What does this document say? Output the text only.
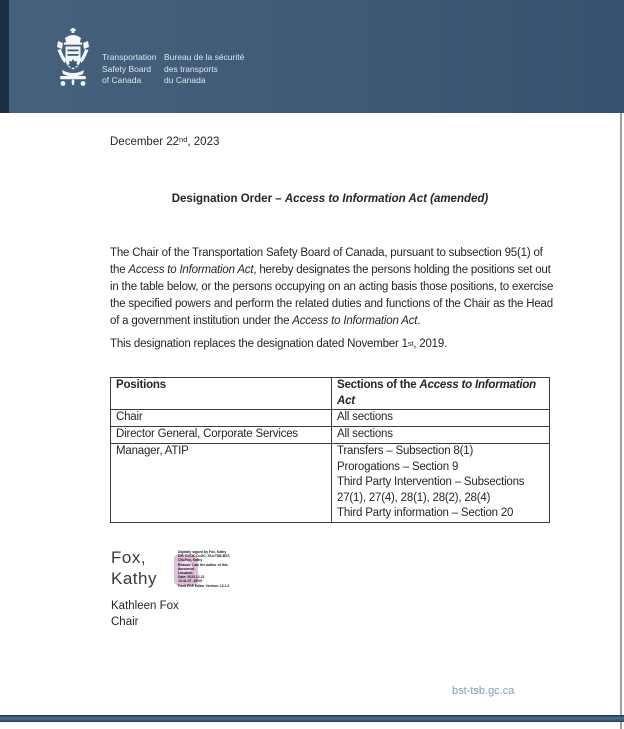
Transportation
Safety Board
of Canada
Bureau de la sécurité
des transports
du Canada

December 22nd, 2023

Designation Order – Access to Information Act (amended)

The Chair of the Transportation Safety Board of Canada, pursuant to subsection 95(1) of the Access to Information Act, hereby designates the persons holding the positions set out in the table below, or the persons occupying on an acting basis those positions, to exercise the specified powers and perform the related duties and functions of the Chair as the Head of a government institution under the Access to Information Act.

This designation replaces the designation dated November 1st, 2019.

Positions	Sections of the Access to Information Act
Chair	All sections
Director General, Corporate Services	All sections
Manager, ATIP	Transfers – Subsection 8(1)
Prorogations – Section 9
Third Party Intervention – Subsections 27(1), 27(4), 28(1), 28(2), 28(4)
Third Party information – Section 20
Fox,
Kathy
Digitally signed by Fox, Kathy
DN: C=CA, O=GC, OU=TSB-BST,
CN=Fox, Kathy
Reason: I am the author of this
document
Location:
Date: 2023.12.22
10:41:27 -05'00'
Foxit PDF Editor Version: 12.1.2
Kathleen Fox
Chair
bst-tsb.gc.ca
